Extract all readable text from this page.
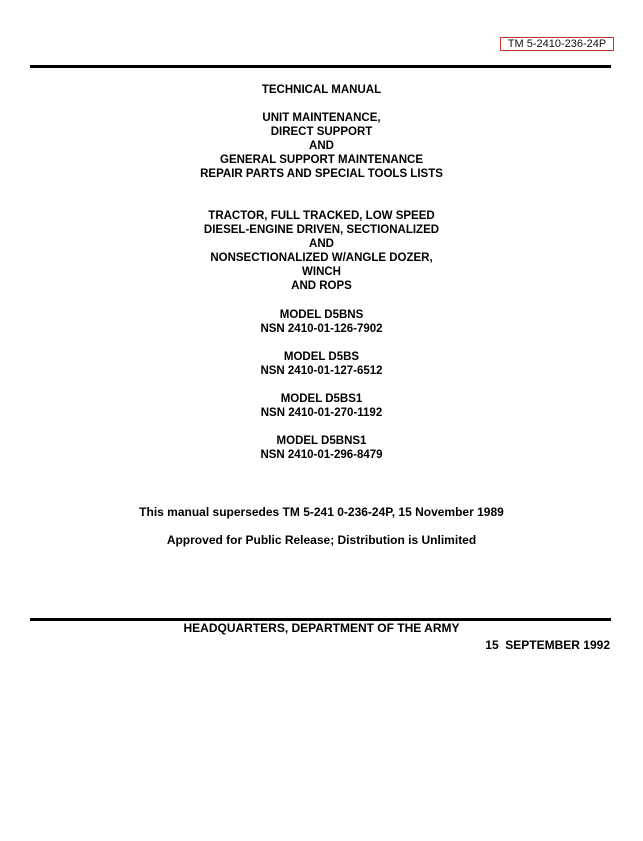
TM 5-2410-236-24P
TECHNICAL MANUAL
UNIT MAINTENANCE,
DIRECT SUPPORT
AND
GENERAL SUPPORT MAINTENANCE
REPAIR PARTS AND SPECIAL TOOLS LISTS
TRACTOR, FULL TRACKED, LOW SPEED
DIESEL-ENGINE DRIVEN, SECTIONALIZED
AND
NONSECTIONALIZED W/ANGLE DOZER,
WINCH
AND ROPS
MODEL D5BNS
NSN 2410-01-126-7902
MODEL D5BS
NSN 2410-01-127-6512
MODEL D5BS1
NSN 2410-01-270-1192
MODEL D5BNS1
NSN 2410-01-296-8479
This manual supersedes TM 5-241 0-236-24P, 15 November 1989
Approved for Public Release; Distribution is Unlimited
HEADQUARTERS, DEPARTMENT OF THE ARMY
15  SEPTEMBER 1992
